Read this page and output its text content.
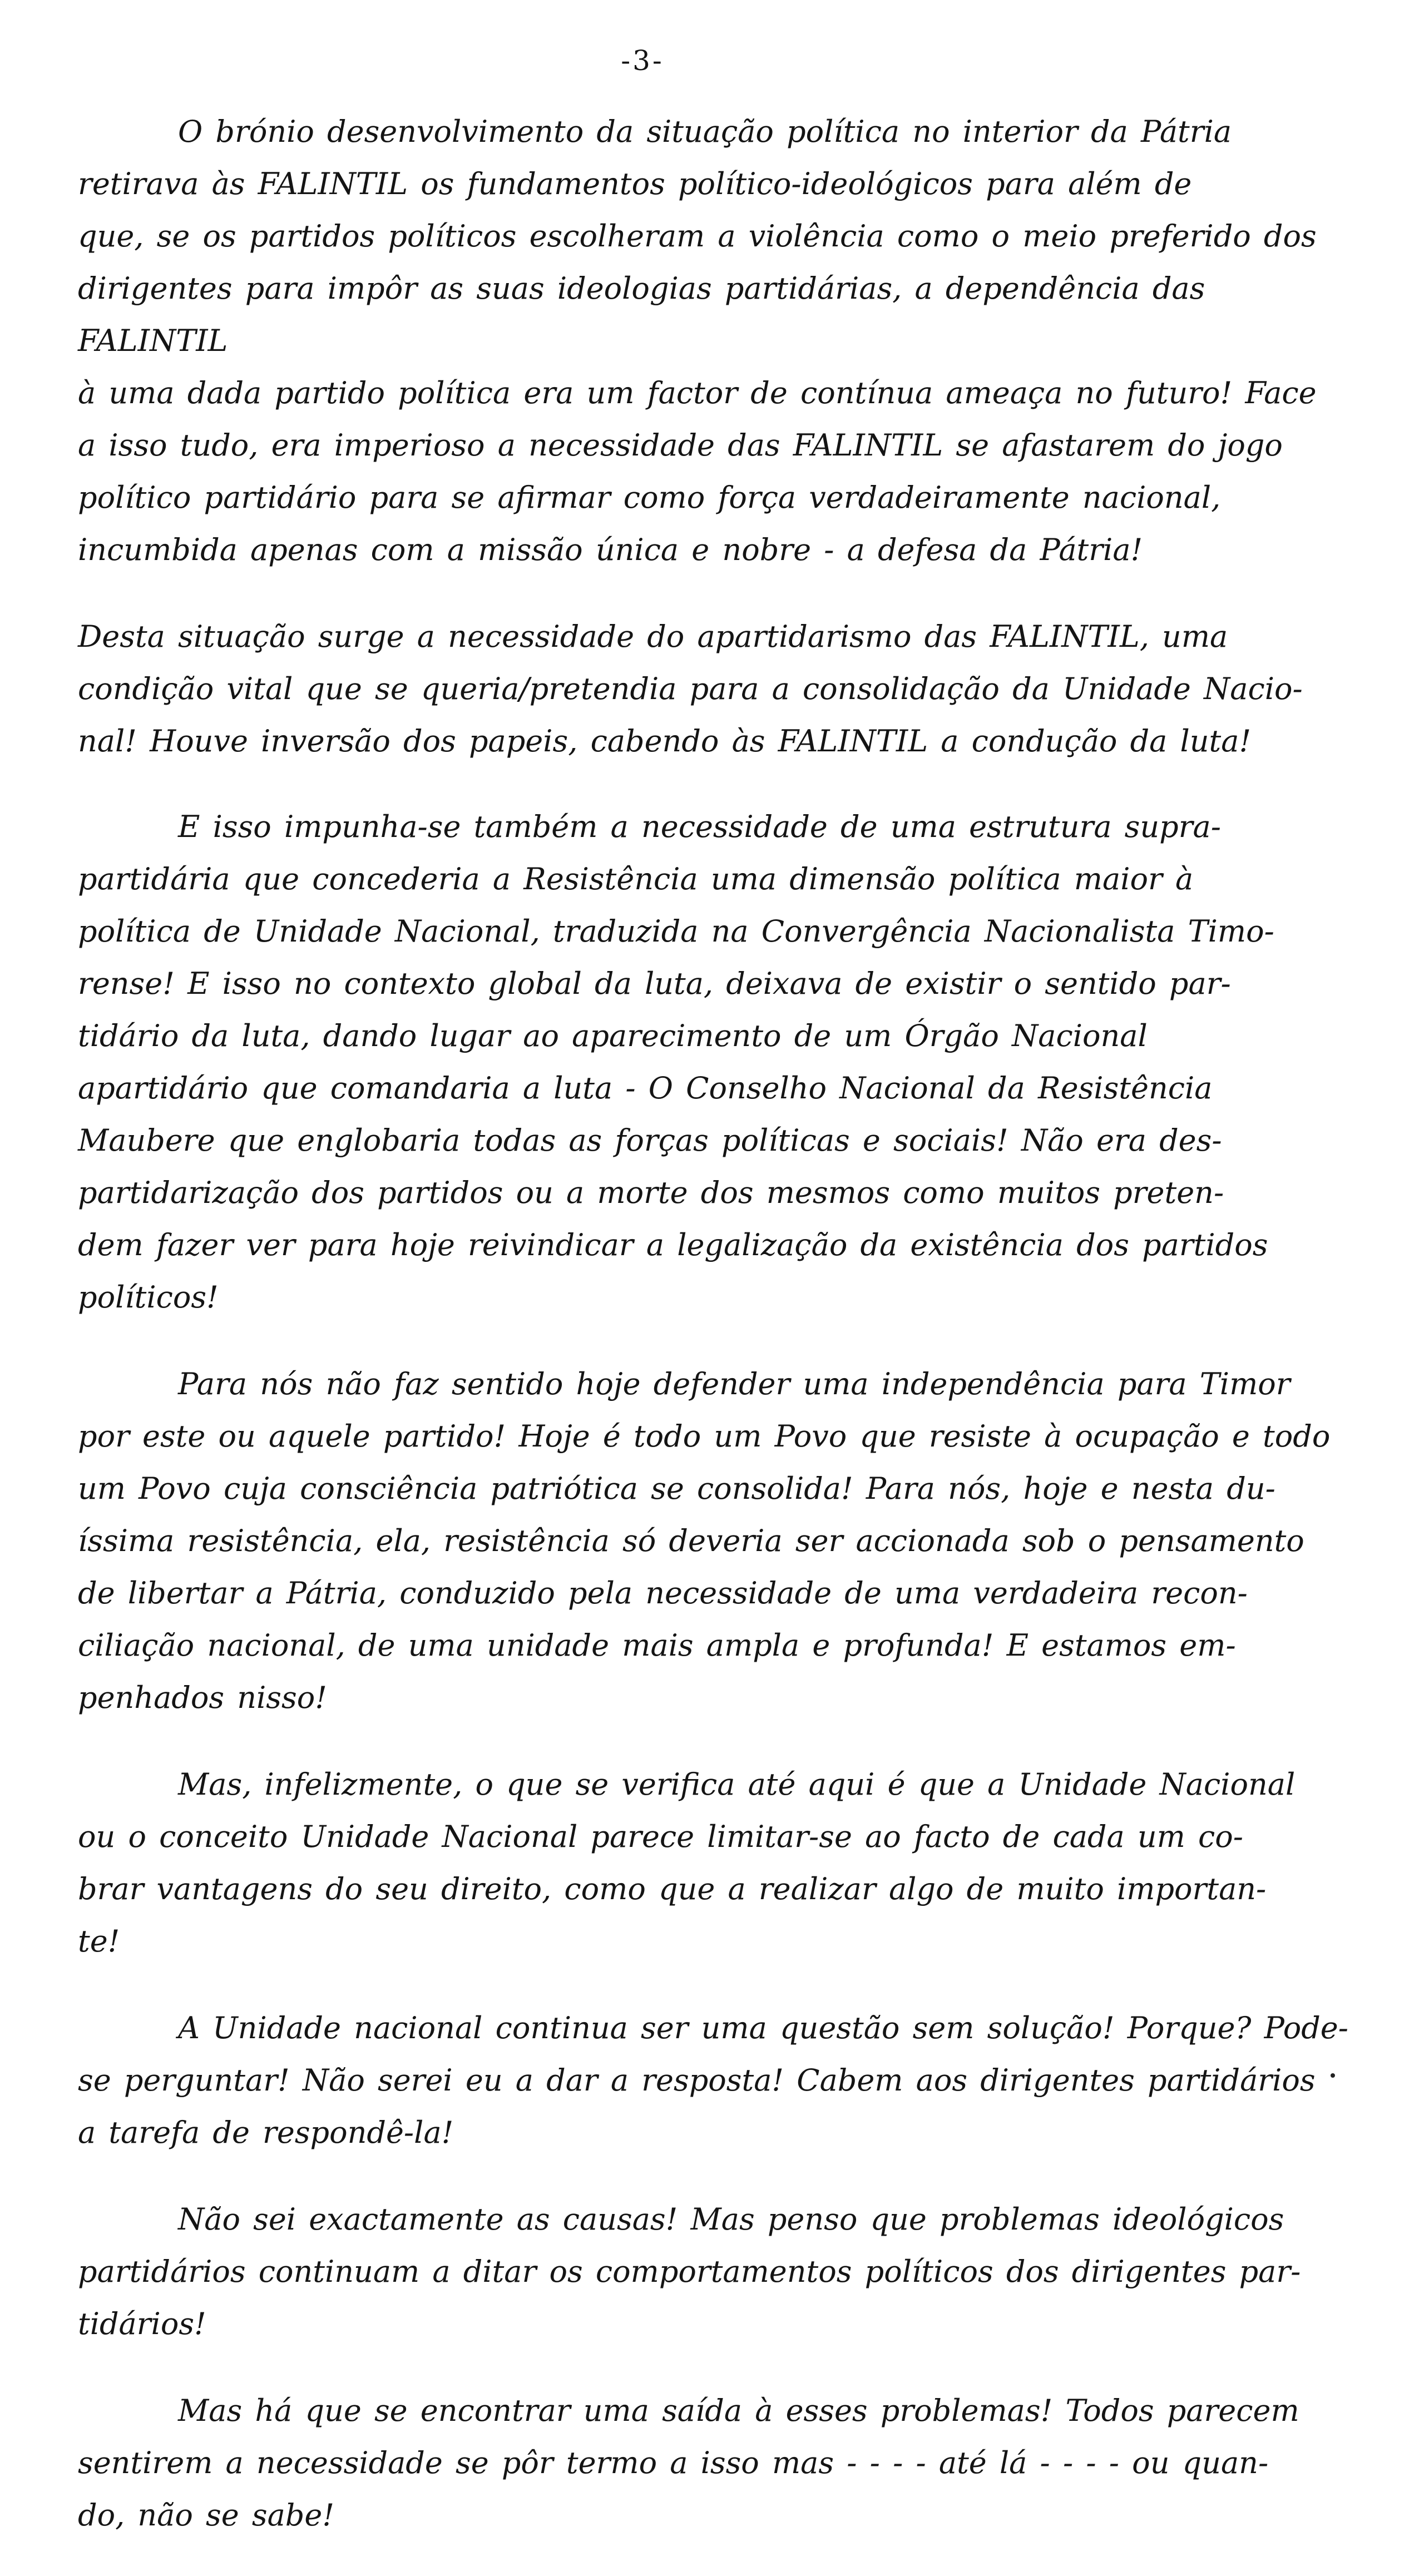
-3-

O brónio desenvolvimento da situação política no interior da Pátria
retirava às FALINTIL os fundamentos político-ideológicos para além de
que, se os partidos políticos escolheram a violência como o meio preferido dos
dirigentes para impôr as suas ideologias partidárias, a dependência das FALINTIL
à uma dada partido política era um factor de contínua ameaça no futuro! Face
a isso tudo, era imperioso a necessidade das FALINTIL se afastarem do jogo
político partidário para se afirmar como força verdadeiramente nacional,
incumbida apenas com a missão única e nobre - a defesa da Pátria!

Desta situação surge a necessidade do apartidarismo das FALINTIL, uma
condição vital que se queria/pretendia para a consolidação da Unidade Nacio-
nal! Houve inversão dos papeis, cabendo às FALINTIL a condução da luta!

E isso impunha-se também a necessidade de uma estrutura supra-
partidária que concederia a Resistência uma dimensão política maior à
política de Unidade Nacional, traduzida na Convergência Nacionalista Timo-
rense! E isso no contexto global da luta, deixava de existir o sentido par-
tidário da luta, dando lugar ao aparecimento de um Órgão Nacional
apartidário que comandaria a luta - O Conselho Nacional da Resistência
Maubere que englobaria todas as forças políticas e sociais! Não era des-
partidarização dos partidos ou a morte dos mesmos como muitos preten-
dem fazer ver para hoje reivindicar a legalização da existência dos partidos
políticos!

Para nós não faz sentido hoje defender uma independência para Timor
por este ou aquele partido! Hoje é todo um Povo que resiste à ocupação e todo
um Povo cuja consciência patriótica se consolida! Para nós, hoje e nesta du- íssima resistência, ela, resistência só deveria ser accionada sob o pensamento
de libertar a Pátria, conduzido pela necessidade de uma verdadeira recon-
ciliação nacional, de uma unidade mais ampla e profunda! E estamos em-
penhados nisso!

Mas, infelizmente, o que se verifica até aqui é que a Unidade Nacional
ou o conceito Unidade Nacional parece limitar-se ao facto de cada um co-
brar vantagens do seu direito, como que a realizar algo de muito importan-
te!

A Unidade nacional continua ser uma questão sem solução! Porque? Pode-
se perguntar! Não serei eu a dar a resposta! Cabem aos dirigentes partidários
a tarefa de respondê-la!

Não sei exactamente as causas! Mas penso que problemas ideológicos
partidários continuam a ditar os comportamentos políticos dos dirigentes par-
tidários!

Mas há que se encontrar uma saída à esses problemas! Todos parecem
sentirem a necessidade se pôr termo a isso mas - - - - até lá - - - - ou quan-
do, não se sabe!
